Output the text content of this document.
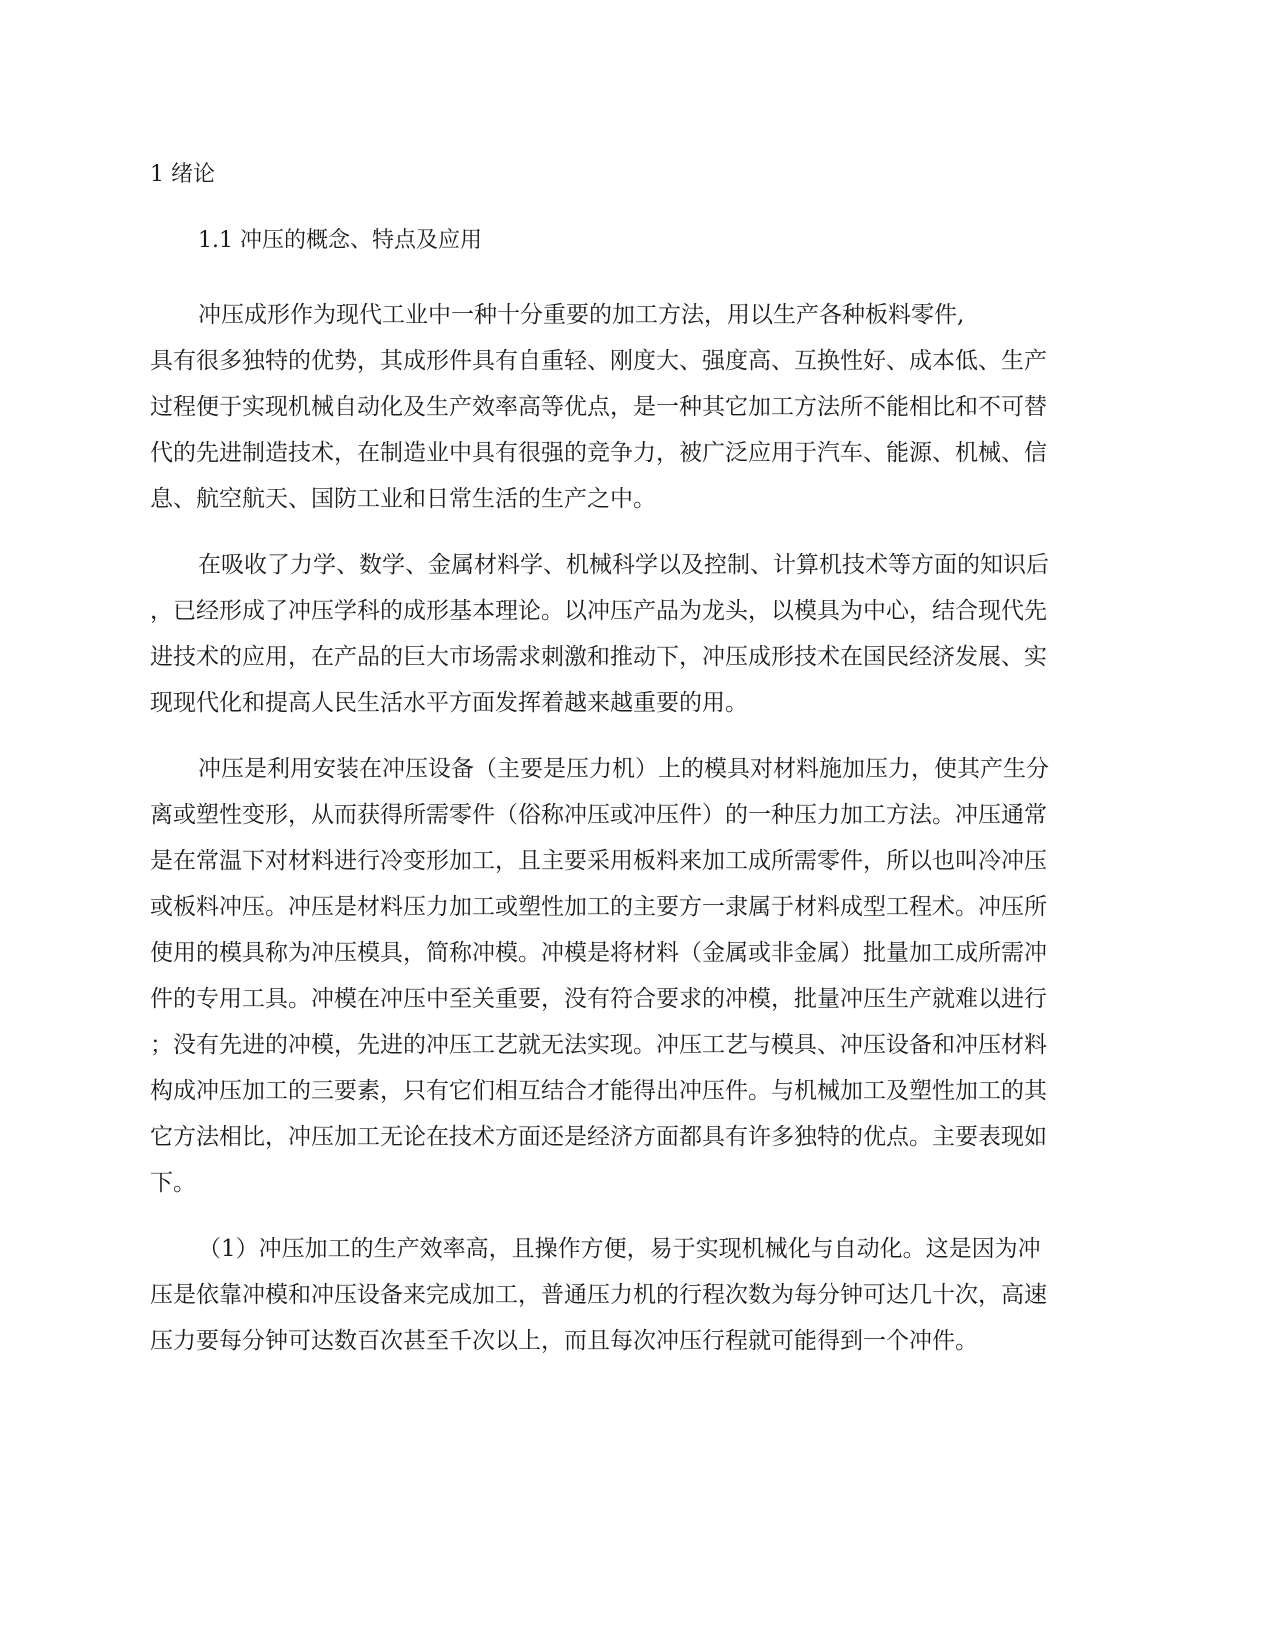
1 绪论
1.1 冲压的概念、特点及应用

冲压成形作为现代工业中一种十分重要的加工方法，用以生产各种板料零件,
具有很多独特的优势，其成形件具有自重轻、刚度大、强度高、互换性好、成本低、生产
过程便于实现机械自动化及生产效率高等优点，是一种其它加工方法所不能相比和不可替
代的先进制造技术，在制造业中具有很强的竞争力，被广泛应用于汽车、能源、机械、信
息、航空航天、国防工业和日常生活的生产之中。

在吸收了力学、数学、金属材料学、机械科学以及控制、计算机技术等方面的知识后
，已经形成了冲压学科的成形基本理论。以冲压产品为龙头，以模具为中心，结合现代先
进技术的应用，在产品的巨大市场需求刺激和推动下，冲压成形技术在国民经济发展、实
现现代化和提高人民生活水平方面发挥着越来越重要的用。

冲压是利用安装在冲压设备（主要是压力机）上的模具对材料施加压力，使其产生分
离或塑性变形，从而获得所需零件（俗称冲压或冲压件）的一种压力加工方法。冲压通常
是在常温下对材料进行冷变形加工，且主要采用板料来加工成所需零件，所以也叫冷冲压
或板料冲压。冲压是材料压力加工或塑性加工的主要方一隶属于材料成型工程术。冲压所
使用的模具称为冲压模具，简称冲模。冲模是将材料（金属或非金属）批量加工成所需冲
件的专用工具。冲模在冲压中至关重要，没有符合要求的冲模，批量冲压生产就难以进行
；没有先进的冲模，先进的冲压工艺就无法实现。冲压工艺与模具、冲压设备和冲压材料
构成冲压加工的三要素，只有它们相互结合才能得出冲压件。与机械加工及塑性加工的其
它方法相比，冲压加工无论在技术方面还是经济方面都具有许多独特的优点。主要表现如
下。

（1）冲压加工的生产效率高，且操作方便，易于实现机械化与自动化。这是因为冲
压是依靠冲模和冲压设备来完成加工，普通压力机的行程次数为每分钟可达几十次，高速
压力要每分钟可达数百次甚至千次以上，而且每次冲压行程就可能得到一个冲件。
